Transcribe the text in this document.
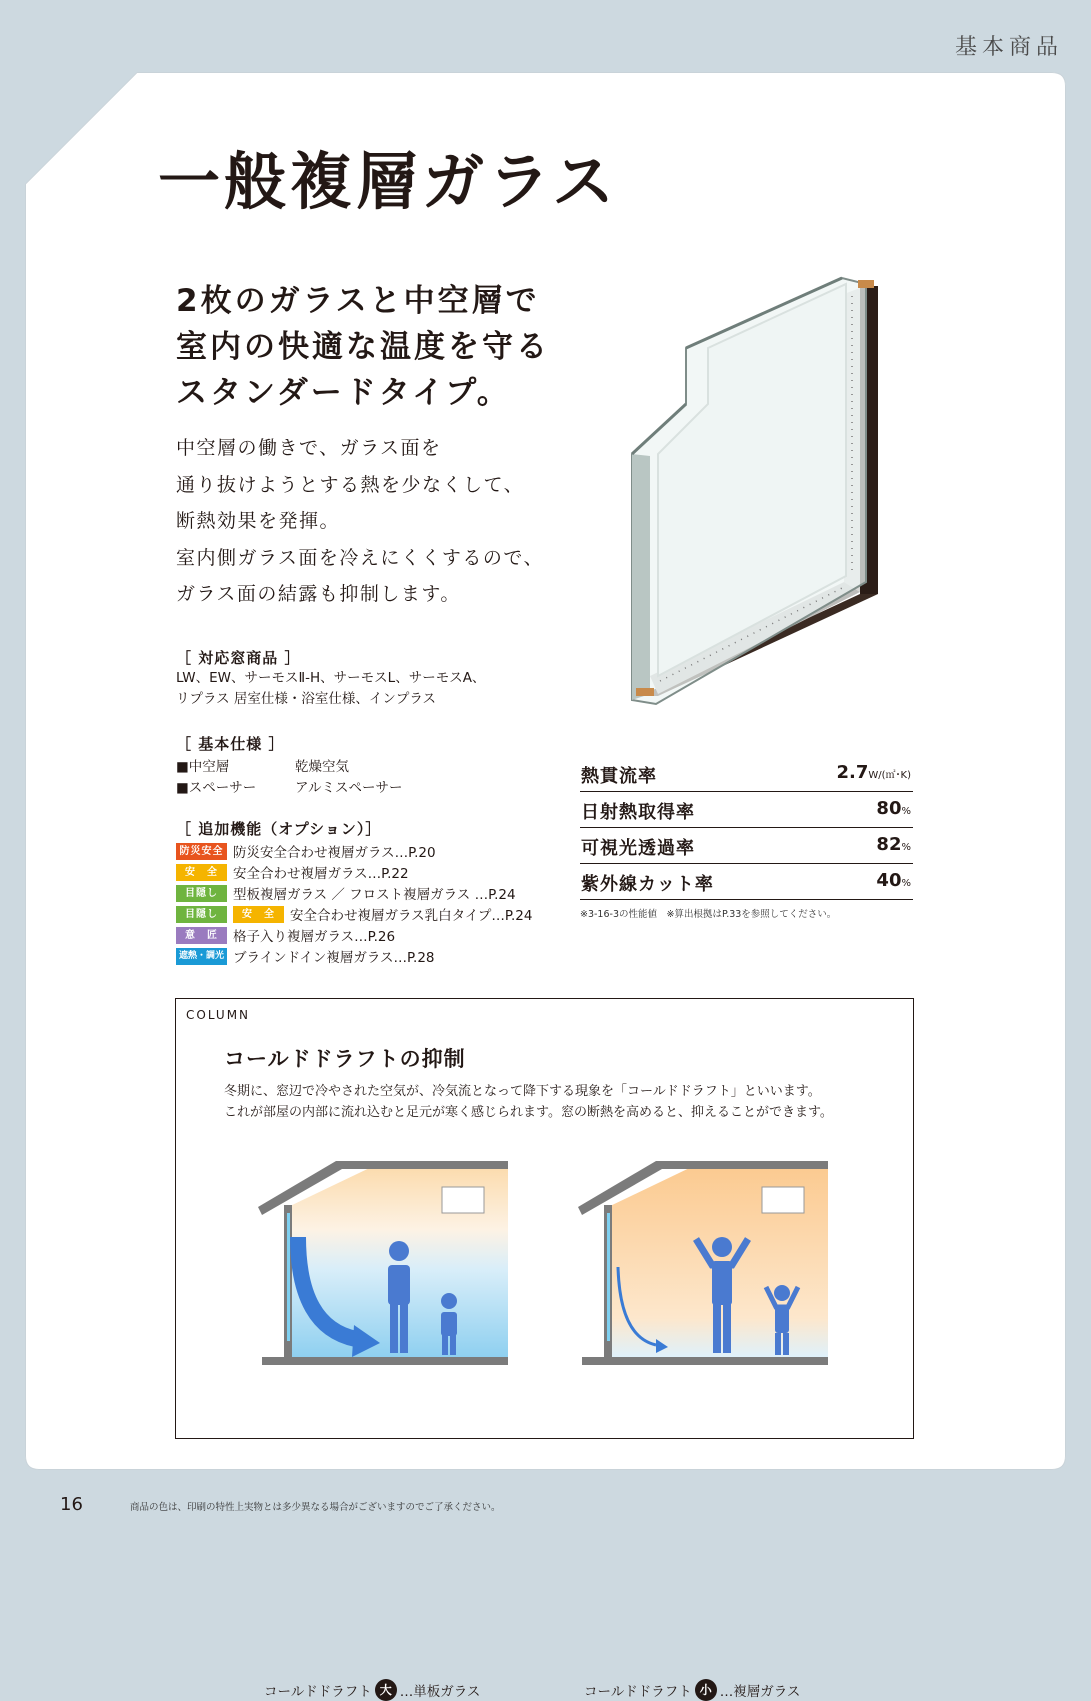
基本商品
一般複層ガラス
2枚のガラスと中空層で
室内の快適な温度を守る
スタンダードタイプ。
中空層の働きで、ガラス面を
通り抜けようとする熱を少なくして、
断熱効果を発揮。
室内側ガラス面を冷えにくくするので、
ガラス面の結露も抑制します。
［ 対応窓商品 ］
LW、EW、サーモスⅡ-H、サーモスL、サーモスA、
リプラス 居室仕様・浴室仕様、インプラス
［ 基本仕様 ］
■中空層	乾燥空気
■スペーサー	アルミスペーサー
［ 追加機能（オプション）］
防災安全 防災安全合わせ複層ガラス…P.20
安　全	安全合わせ複層ガラス…P.22
目隠し	型板複層ガラス ／ フロスト複層ガラス …P.24
目隠し	安　全	安全合わせ複層ガラス乳白タイプ…P.24
意　匠	格子入り複層ガラス…P.26
遮熱・調光 ブラインドイン複層ガラス…P.28
熱貫流率	2.7W/(㎡･K)
日射熱取得率	80%
可視光透過率	82%
紫外線カット率	40%
※3-16-3の性能値　※算出根拠はP.33を参照してください。
COLUMN
コールドドラフトの抑制
冬期に、窓辺で冷やされた空気が、冷気流となって降下する現象を「コールドドラフト」といいます。
これが部屋の内部に流れ込むと足元が寒く感じられます。窓の断熱を高めると、抑えることができます。
コールドドラフト 大 …単板ガラス	コールドドラフト 小 …複層ガラス
16	商品の色は、印刷の特性上実物とは多少異なる場合がございますのでご了承ください。
